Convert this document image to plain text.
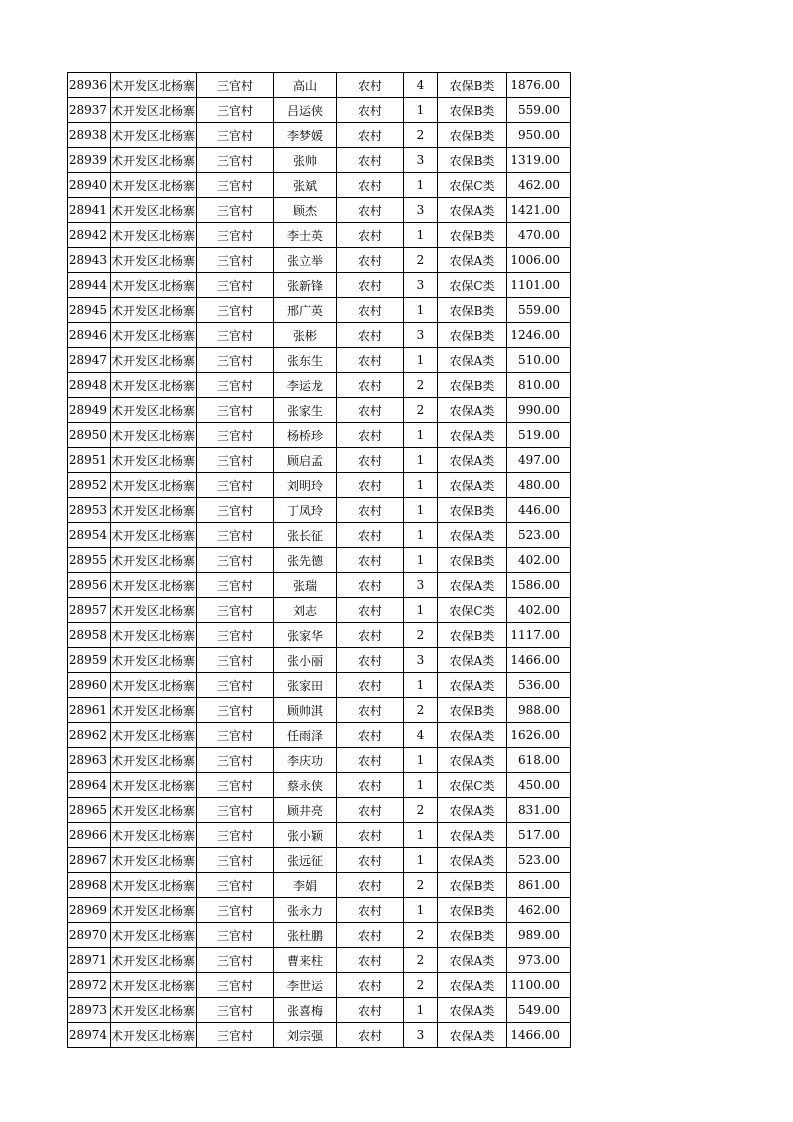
28936	术开发区北杨寨	三官村	高山	农村	4	农保B类	1876.00
28937	术开发区北杨寨	三官村	吕运侠	农村	1	农保B类	559.00
28938	术开发区北杨寨	三官村	李梦媛	农村	2	农保B类	950.00
28939	术开发区北杨寨	三官村	张帅	农村	3	农保B类	1319.00
28940	术开发区北杨寨	三官村	张斌	农村	1	农保C类	462.00
28941	术开发区北杨寨	三官村	顾杰	农村	3	农保A类	1421.00
28942	术开发区北杨寨	三官村	李士英	农村	1	农保B类	470.00
28943	术开发区北杨寨	三官村	张立举	农村	2	农保A类	1006.00
28944	术开发区北杨寨	三官村	张新锋	农村	3	农保C类	1101.00
28945	术开发区北杨寨	三官村	邢广英	农村	1	农保B类	559.00
28946	术开发区北杨寨	三官村	张彬	农村	3	农保B类	1246.00
28947	术开发区北杨寨	三官村	张东生	农村	1	农保A类	510.00
28948	术开发区北杨寨	三官村	李运龙	农村	2	农保B类	810.00
28949	术开发区北杨寨	三官村	张家生	农村	2	农保A类	990.00
28950	术开发区北杨寨	三官村	杨桥珍	农村	1	农保A类	519.00
28951	术开发区北杨寨	三官村	顾启孟	农村	1	农保A类	497.00
28952	术开发区北杨寨	三官村	刘明玲	农村	1	农保A类	480.00
28953	术开发区北杨寨	三官村	丁凤玲	农村	1	农保B类	446.00
28954	术开发区北杨寨	三官村	张长征	农村	1	农保A类	523.00
28955	术开发区北杨寨	三官村	张先德	农村	1	农保B类	402.00
28956	术开发区北杨寨	三官村	张瑞	农村	3	农保A类	1586.00
28957	术开发区北杨寨	三官村	刘志	农村	1	农保C类	402.00
28958	术开发区北杨寨	三官村	张家华	农村	2	农保B类	1117.00
28959	术开发区北杨寨	三官村	张小丽	农村	3	农保A类	1466.00
28960	术开发区北杨寨	三官村	张家田	农村	1	农保A类	536.00
28961	术开发区北杨寨	三官村	顾帅淇	农村	2	农保B类	988.00
28962	术开发区北杨寨	三官村	任雨泽	农村	4	农保A类	1626.00
28963	术开发区北杨寨	三官村	李庆功	农村	1	农保A类	618.00
28964	术开发区北杨寨	三官村	蔡永侠	农村	1	农保C类	450.00
28965	术开发区北杨寨	三官村	顾井亮	农村	2	农保A类	831.00
28966	术开发区北杨寨	三官村	张小颖	农村	1	农保A类	517.00
28967	术开发区北杨寨	三官村	张远征	农村	1	农保A类	523.00
28968	术开发区北杨寨	三官村	李娟	农村	2	农保B类	861.00
28969	术开发区北杨寨	三官村	张永力	农村	1	农保B类	462.00
28970	术开发区北杨寨	三官村	张杜鹏	农村	2	农保B类	989.00
28971	术开发区北杨寨	三官村	曹来柱	农村	2	农保A类	973.00
28972	术开发区北杨寨	三官村	李世运	农村	2	农保A类	1100.00
28973	术开发区北杨寨	三官村	张喜梅	农村	1	农保A类	549.00
28974	术开发区北杨寨	三官村	刘宗强	农村	3	农保A类	1466.00
